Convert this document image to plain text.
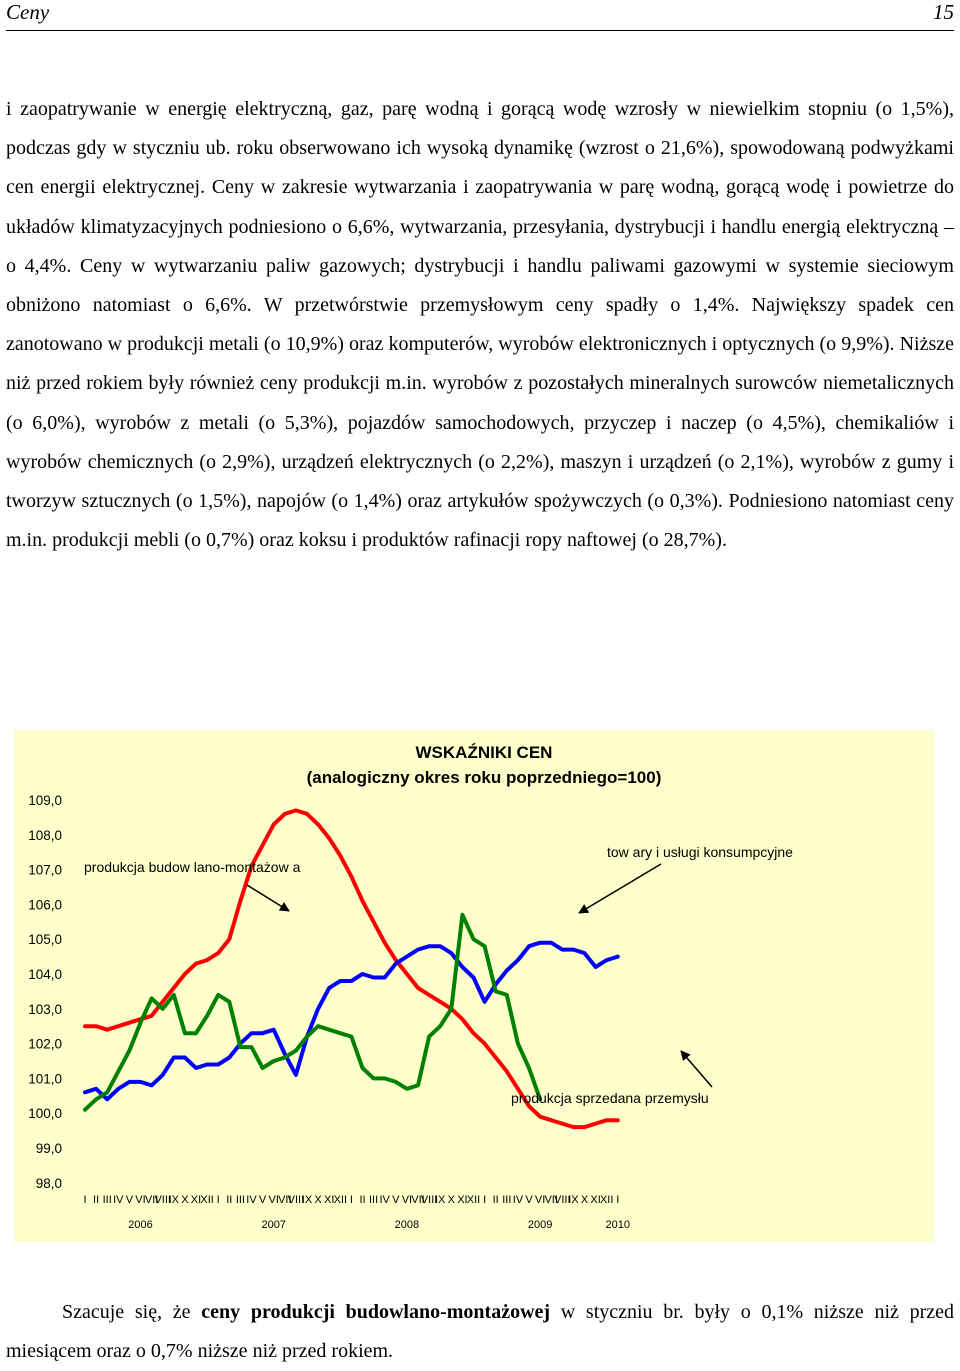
Ceny	15

i zaopatrywanie w energię elektryczną, gaz, parę wodną i gorącą wodę wzrosły w niewielkim stopniu (o 1,5%), podczas gdy w styczniu ub. roku obserwowano ich wysoką dynamikę (wzrost o 21,6%), spowodowaną podwyżkami cen energii elektrycznej. Ceny w zakresie wytwarzania i zaopatrywania w parę wodną, gorącą wodę i powietrze do układów klimatyzacyjnych podniesiono o 6,6%, wytwarzania, przesyłania, dystrybucji i handlu energią elektryczną – o 4,4%. Ceny w wytwarzaniu paliw gazowych; dystrybucji i handlu paliwami gazowymi w systemie sieciowym obniżono natomiast o 6,6%. W przetwórstwie przemysłowym ceny spadły o 1,4%. Największy spadek cen zanotowano w produkcji metali (o 10,9%) oraz komputerów, wyrobów elektronicznych i optycznych (o 9,9%). Niższe niż przed rokiem były również ceny produkcji m.in. wyrobów z pozostałych mineralnych surowców niemetalicznych (o 6,0%), wyrobów z metali (o 5,3%), pojazdów samochodowych, przyczep i naczep (o 4,5%), chemikaliów i wyrobów chemicznych (o 2,9%), urządzeń elektrycznych (o 2,2%), maszyn i urządzeń (o 2,1%), wyrobów z gumy i tworzyw sztucznych (o 1,5%), napojów (o 1,4%) oraz artykułów spożywczych (o 0,3%). Podniesiono natomiast ceny m.in. produkcji mebli (o 0,7%) oraz koksu i produktów rafinacji ropy naftowej (o 28,7%).

WSKAŹNIKI CEN
(analogiczny okres roku poprzedniego=100)
109,0
108,0
107,0
106,0
105,0
104,0
103,0
102,0
101,0
100,0
99,0
98,0
produkcja budow lano-montażow a
tow ary i usługi konsumpcyjne
produkcja sprzedana przemysłu
I II III IV V VI VII
VIII
IX X XI XII I II III IV V VI VII
VIII
IX X XI XII I II III IV V VI VII
VIII
IX X XI XII I II III IV V VI VII
VIII
IX X XI XII I
2006	2007	2008	2009	2010

Szacuje się, że ceny produkcji budowlano-montażowej w styczniu br. były o 0,1% niższe niż przed miesiącem oraz o 0,7% niższe niż przed rokiem.
